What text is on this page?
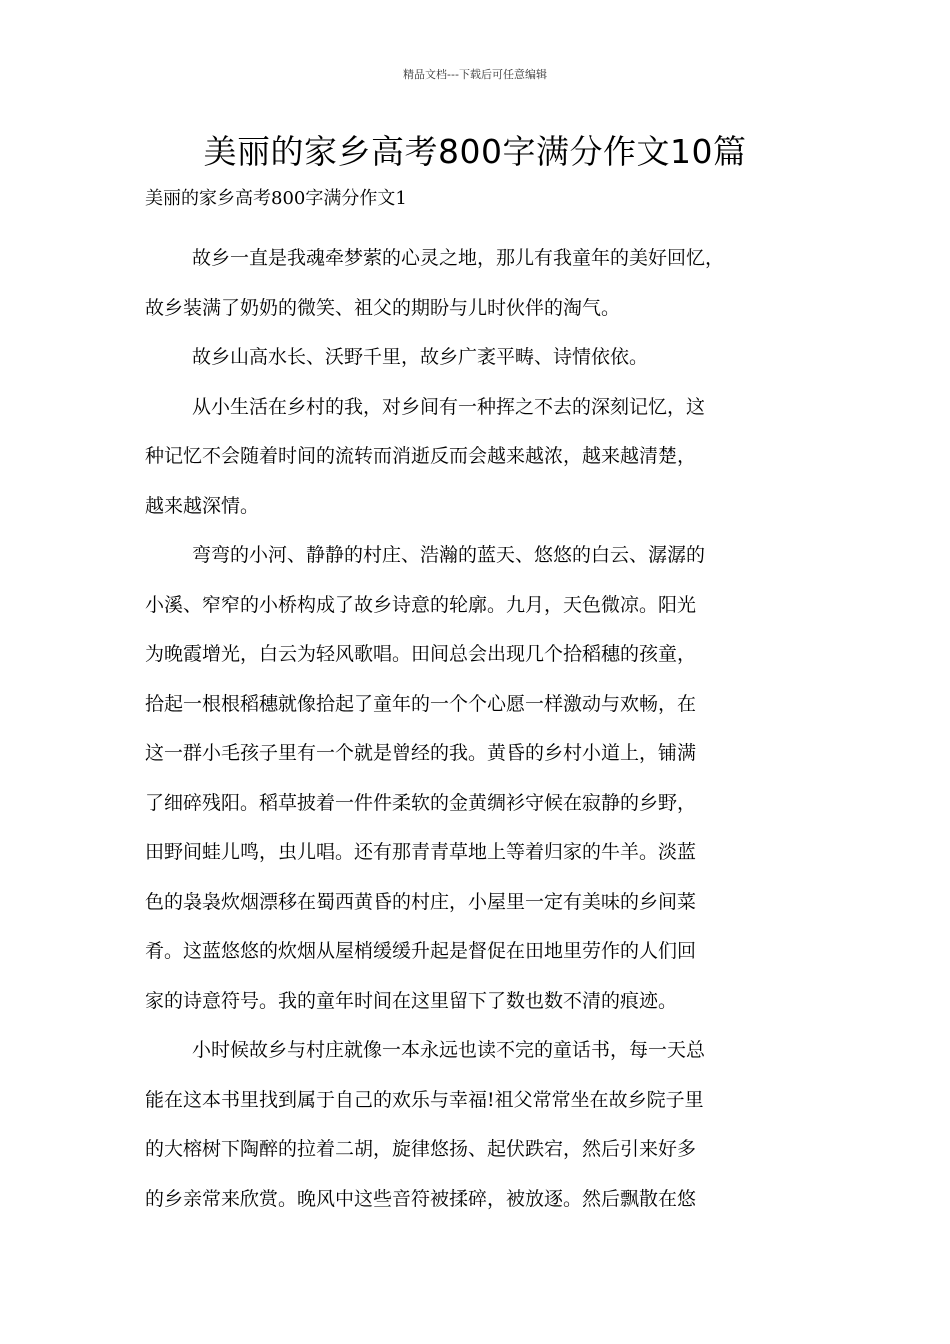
精品文档---下载后可任意编辑
美丽的家乡高考800字满分作文10篇
美丽的家乡高考800字满分作文1

故乡一直是我魂牵梦萦的心灵之地，那儿有我童年的美好回忆，
故乡装满了奶奶的微笑、祖父的期盼与儿时伙伴的淘气。

故乡山高水长、沃野千里，故乡广袤平畴、诗情依依。

从小生活在乡村的我，对乡间有一种挥之不去的深刻记忆，这
种记忆不会随着时间的流转而消逝反而会越来越浓，越来越清楚，
越来越深情。

弯弯的小河、静静的村庄、浩瀚的蓝天、悠悠的白云、潺潺的
小溪、窄窄的小桥构成了故乡诗意的轮廓。九月，天色微凉。阳光
为晚霞增光，白云为轻风歌唱。田间总会出现几个拾稻穗的孩童，
拾起一根根稻穗就像拾起了童年的一个个心愿一样激动与欢畅，在
这一群小毛孩子里有一个就是曾经的我。黄昏的乡村小道上，铺满
了细碎残阳。稻草披着一件件柔软的金黄绸衫守候在寂静的乡野，
田野间蛙儿鸣，虫儿唱。还有那青青草地上等着归家的牛羊。淡蓝
色的袅袅炊烟漂移在蜀西黄昏的村庄，小屋里一定有美味的乡间菜
肴。这蓝悠悠的炊烟从屋梢缓缓升起是督促在田地里劳作的人们回
家的诗意符号。我的童年时间在这里留下了数也数不清的痕迹。

小时候故乡与村庄就像一本永远也读不完的童话书，每一天总
能在这本书里找到属于自己的欢乐与幸福!祖父常常坐在故乡院子里
的大榕树下陶醉的拉着二胡，旋律悠扬、起伏跌宕，然后引来好多
的乡亲常来欣赏。晚风中这些音符被揉碎，被放逐。然后飘散在悠
